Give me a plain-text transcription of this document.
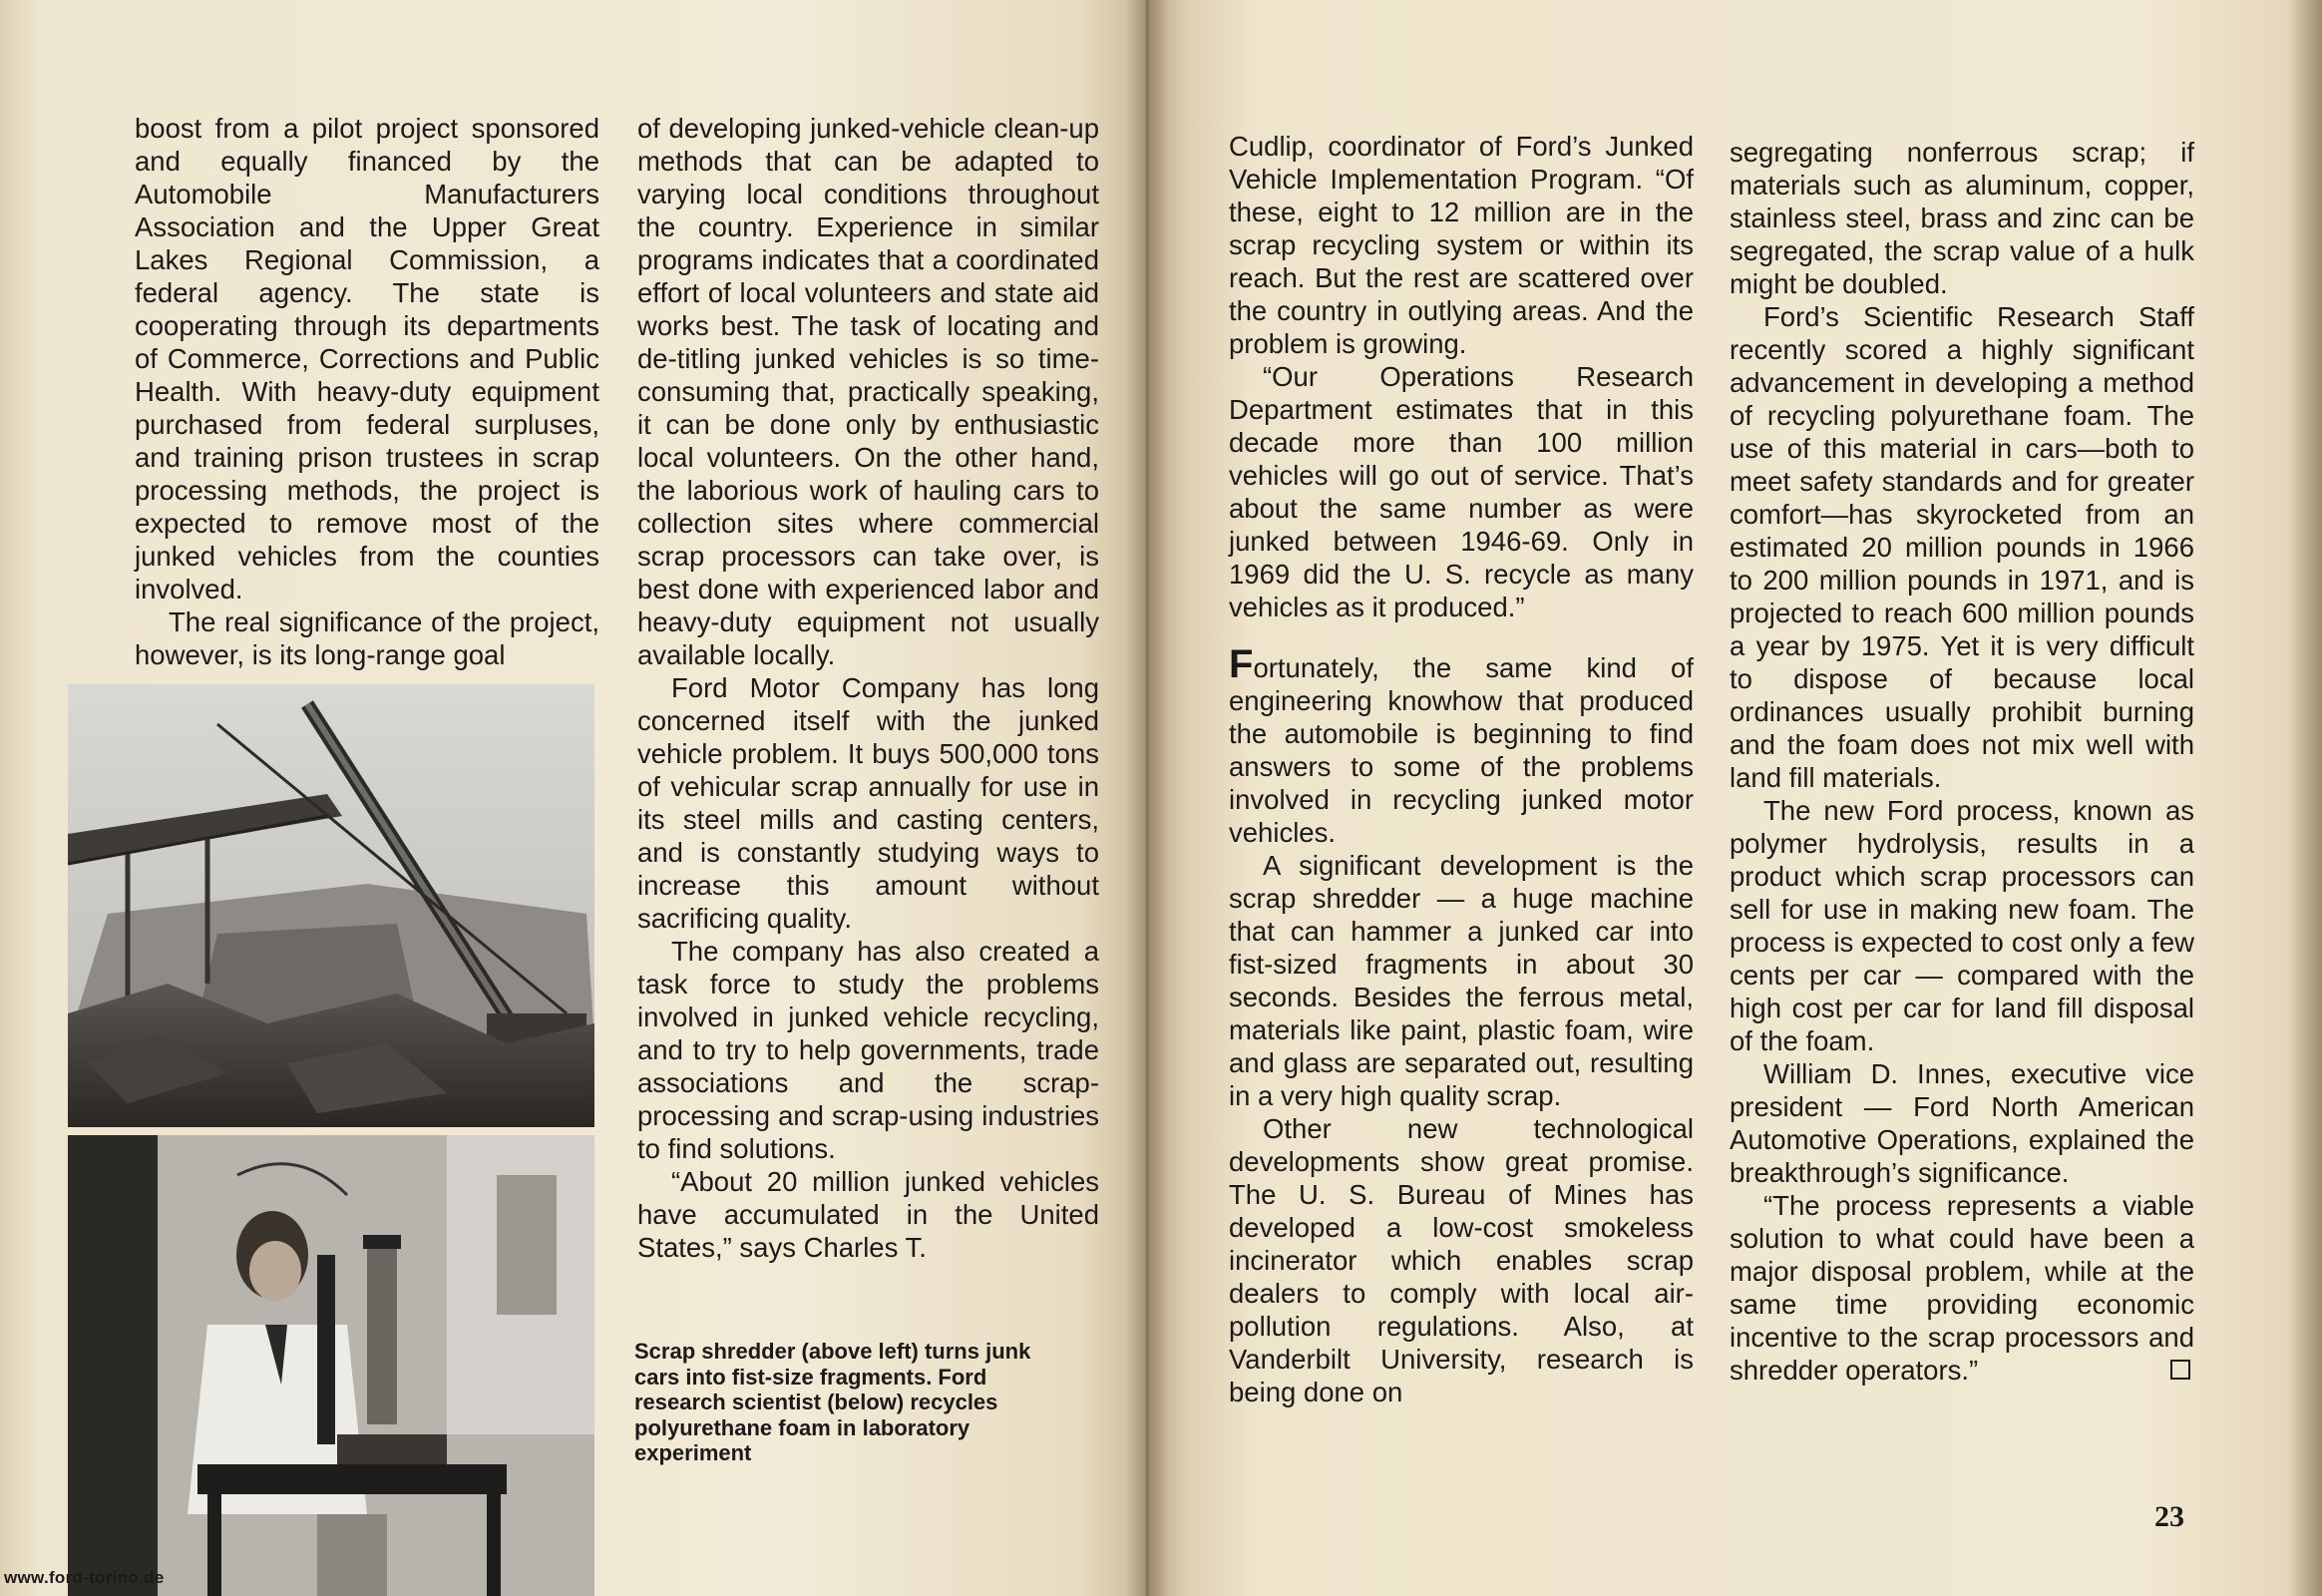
boost from a pilot project sponsored and equally financed by the Automobile Manufacturers Association and the Upper Great Lakes Regional Commission, a federal agency. The state is cooperating through its departments of Commerce, Corrections and Public Health. With heavy-duty equipment purchased from federal surpluses, and training prison trustees in scrap processing methods, the project is expected to remove most of the junked vehicles from the counties involved.

The real significance of the project, however, is its long-range goal

of developing junked-vehicle clean-up methods that can be adapted to varying local conditions throughout the country. Experience in similar programs indicates that a coordinated effort of local volunteers and state aid works best. The task of locating and de-titling junked vehicles is so time-consuming that, practically speaking, it can be done only by enthusiastic local volunteers. On the other hand, the laborious work of hauling cars to collection sites where commercial scrap processors can take over, is best done with experienced labor and heavy-duty equipment not usually available locally.

Ford Motor Company has long concerned itself with the junked vehicle problem. It buys 500,000 tons of vehicular scrap annually for use in its steel mills and casting centers, and is constantly studying ways to increase this amount without sacrificing quality.

The company has also created a task force to study the problems involved in junked vehicle recycling, and to try to help governments, trade associations and the scrap-processing and scrap-using industries to find solutions.

“About 20 million junked vehicles have accumulated in the United States,” says Charles T.

Scrap shredder (above left) turns junk cars into fist-size fragments. Ford research scientist (below) recycles polyurethane foam in laboratory experiment

Cudlip, coordinator of Ford’s Junked Vehicle Implementation Program. “Of these, eight to 12 million are in the scrap recycling system or within its reach. But the rest are scattered over the country in outlying areas. And the problem is growing.

“Our Operations Research Department estimates that in this decade more than 100 million vehicles will go out of service. That’s about the same number as were junked between 1946-69. Only in 1969 did the U. S. recycle as many vehicles as it produced.”

Fortunately, the same kind of engineering knowhow that produced the automobile is beginning to find answers to some of the problems involved in recycling junked motor vehicles.

A significant development is the scrap shredder — a huge machine that can hammer a junked car into fist-sized fragments in about 30 seconds. Besides the ferrous metal, materials like paint, plastic foam, wire and glass are separated out, resulting in a very high quality scrap.

Other new technological developments show great promise. The U. S. Bureau of Mines has developed a low-cost smokeless incinerator which enables scrap dealers to comply with local air-pollution regulations. Also, at Vanderbilt University, research is being done on

segregating nonferrous scrap; if materials such as aluminum, copper, stainless steel, brass and zinc can be segregated, the scrap value of a hulk might be doubled.

Ford’s Scientific Research Staff recently scored a highly significant advancement in developing a method of recycling polyurethane foam. The use of this material in cars—both to meet safety standards and for greater comfort—has skyrocketed from an estimated 20 million pounds in 1966 to 200 million pounds in 1971, and is projected to reach 600 million pounds a year by 1975. Yet it is very difficult to dispose of because local ordinances usually prohibit burning and the foam does not mix well with land fill materials.

The new Ford process, known as polymer hydrolysis, results in a product which scrap processors can sell for use in making new foam. The process is expected to cost only a few cents per car — compared with the high cost per car for land fill disposal of the foam.

William D. Innes, executive vice president — Ford North American Automotive Operations, explained the breakthrough’s significance.

“The process represents a viable solution to what could have been a major disposal problem, while at the same time providing economic incentive to the scrap processors and shredder operators.”

23
www.ford-torino.de
